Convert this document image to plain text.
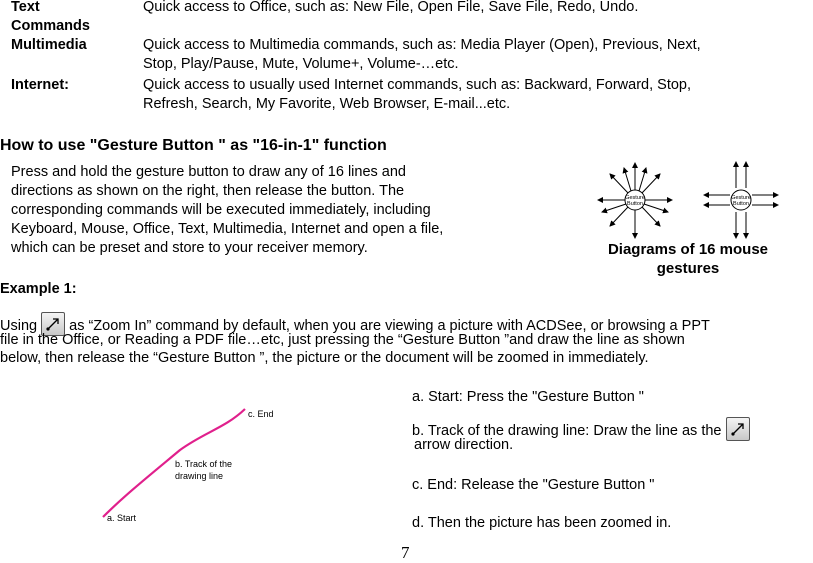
Text Commands
Quick access to Office, such as: New File, Open File, Save File, Redo, Undo.
Multimedia	Quick access to Multimedia commands, such as: Media Player (Open), Previous, Next,
Stop, Play/Pause, Mute, Volume+, Volume-…etc.
Internet:	Quick access to usually used Internet commands, such as: Backward, Forward, Stop,
Refresh, Search, My Favorite, Web Browser, E-mail...etc.
How to use "Gesture Button " as "16-in-1" function
Press and hold the gesture button to draw any of 16 lines and
directions as shown on the right, then release the button. The
corresponding commands will be executed immediately, including
Keyboard, Mouse, Office, Text, Multimedia, Internet and open a file,
which can be preset and store to your receiver memory.
Gesture
Button
Gesture
Button
Diagrams of 16 mouse
gestures
Example 1:
Using as “Zoom In” command by default, when you are viewing a picture with ACDSee, or browsing a PPT
file in the Office, or Reading a PDF file…etc, just pressing the “Gesture Button ”and draw the line as shown
below, then release the “Gesture Button ”, the picture or the document will be zoomed in immediately.
c. End
b. Track of the
drawing line
a. Start
a. Start: Press the "Gesture Button "
b. Track of the drawing line: Draw the line as the
arrow direction.
c. End: Release the "Gesture Button "
d. Then the picture has been zoomed in.
7
